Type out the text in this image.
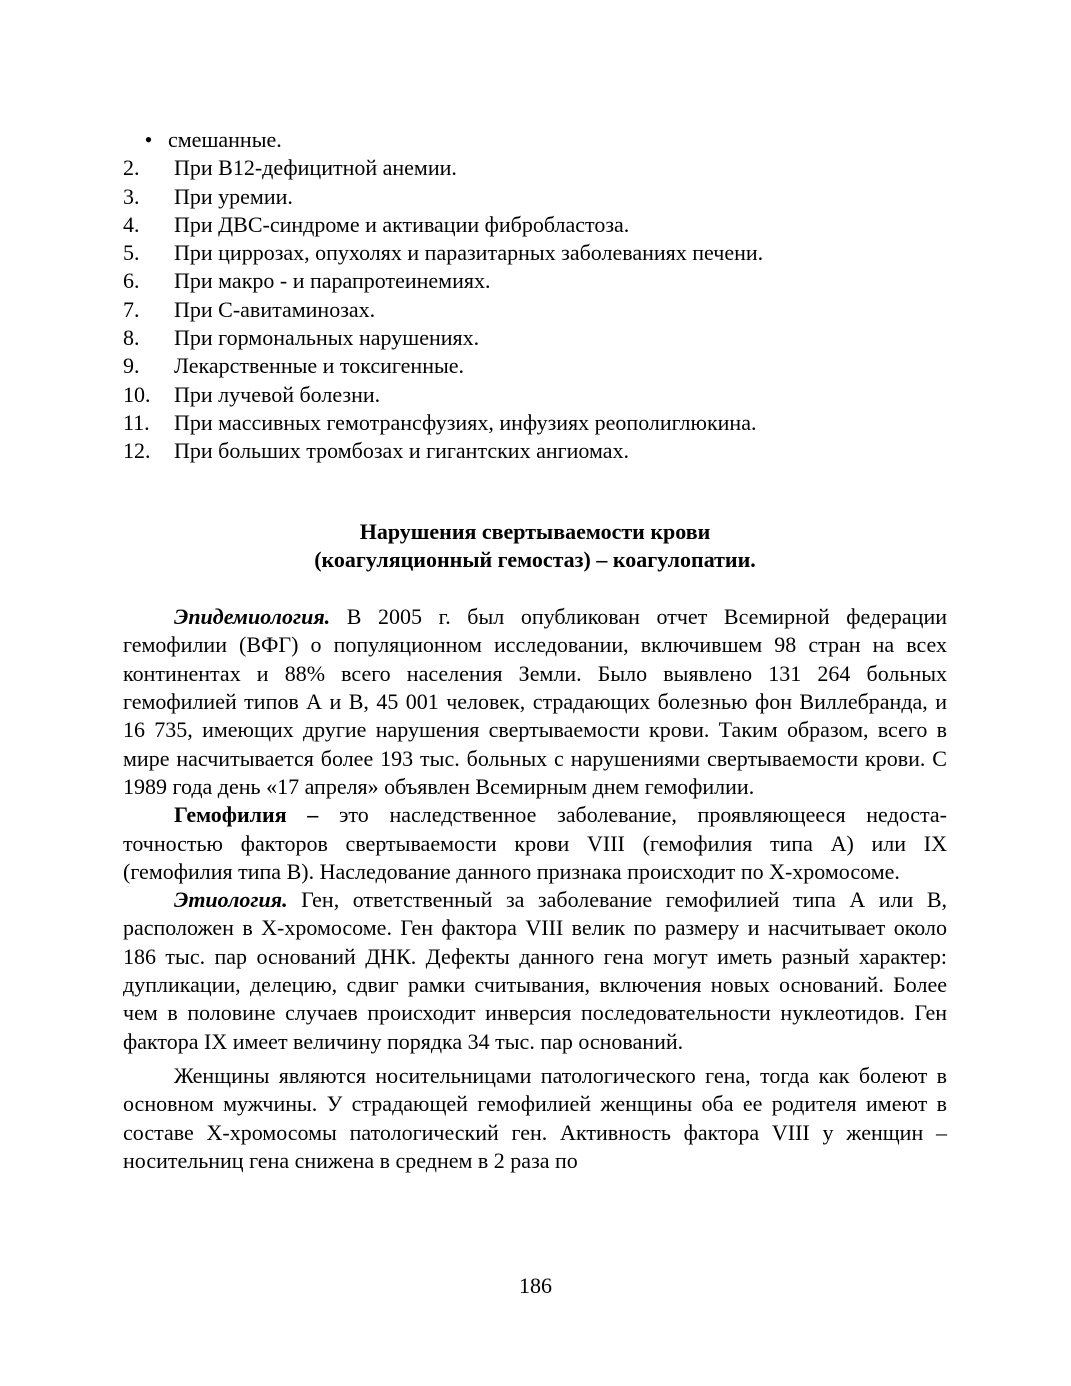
• смешанные.
2.	При В12-дефицитной анемии.
3.	При уремии.
4.	При ДВС-синдроме и активации фибробластоза.
5.	При циррозах, опухолях и паразитарных заболеваниях печени.
6.	При макро - и парапротеинемиях.
7.	При С-авитаминозах.
8.	При гормональных нарушениях.
9.	Лекарственные и токсигенные.
10.	При лучевой болезни.
11.	При массивных гемотрансфузиях, инфузиях реополиглюкина.
12.	При больших тромбозах и гигантских ангиомах.
Нарушения свертываемости крови
(коагуляционный гемостаз) – коагулопатии.

Эпидемиология. В 2005 г. был опубликован отчет Всемирной федерации гемофилии (ВФГ) о популяционном исследовании, включившем 98 стран на всех континентах и 88% всего населения Земли. Было выявлено 131 264 больных гемофилией типов А и В, 45 001 человек, страдающих болезнью фон Виллебранда, и 16 735, имеющих другие нарушения свертываемости крови. Таким образом, всего в мире насчитывается более 193 тыс. больных с нарушениями свертываемости крови. С 1989 года день «17 апреля» объявлен Всемирным днем гемофилии.

Гемофилия – это наследственное заболевание, проявляющееся недостаточностью факторов свертываемости крови VIII (гемофилия типа А) или IX (гемофилия типа В). Наследование данного признака происходит по Х-хромосоме.

Этиология. Ген, ответственный за заболевание гемофилией типа А или В, расположен в Х-хромосоме. Ген фактора VIII велик по размеру и насчитывает около 186 тыс. пар оснований ДНК. Дефекты данного гена могут иметь разный характер: дупликации, делецию, сдвиг рамки считывания, включения новых оснований. Более чем в половине случаев происходит инверсия последовательности нуклеотидов. Ген фактора IX имеет величину порядка 34 тыс. пар оснований.

Женщины являются носительницами патологического гена, тогда как болеют в основном мужчины. У страдающей гемофилией женщины оба ее родителя имеют в составе Х-хромосомы патологический ген. Активность фактора VIII у женщин – носительниц гена снижена в среднем в 2 раза по

186
